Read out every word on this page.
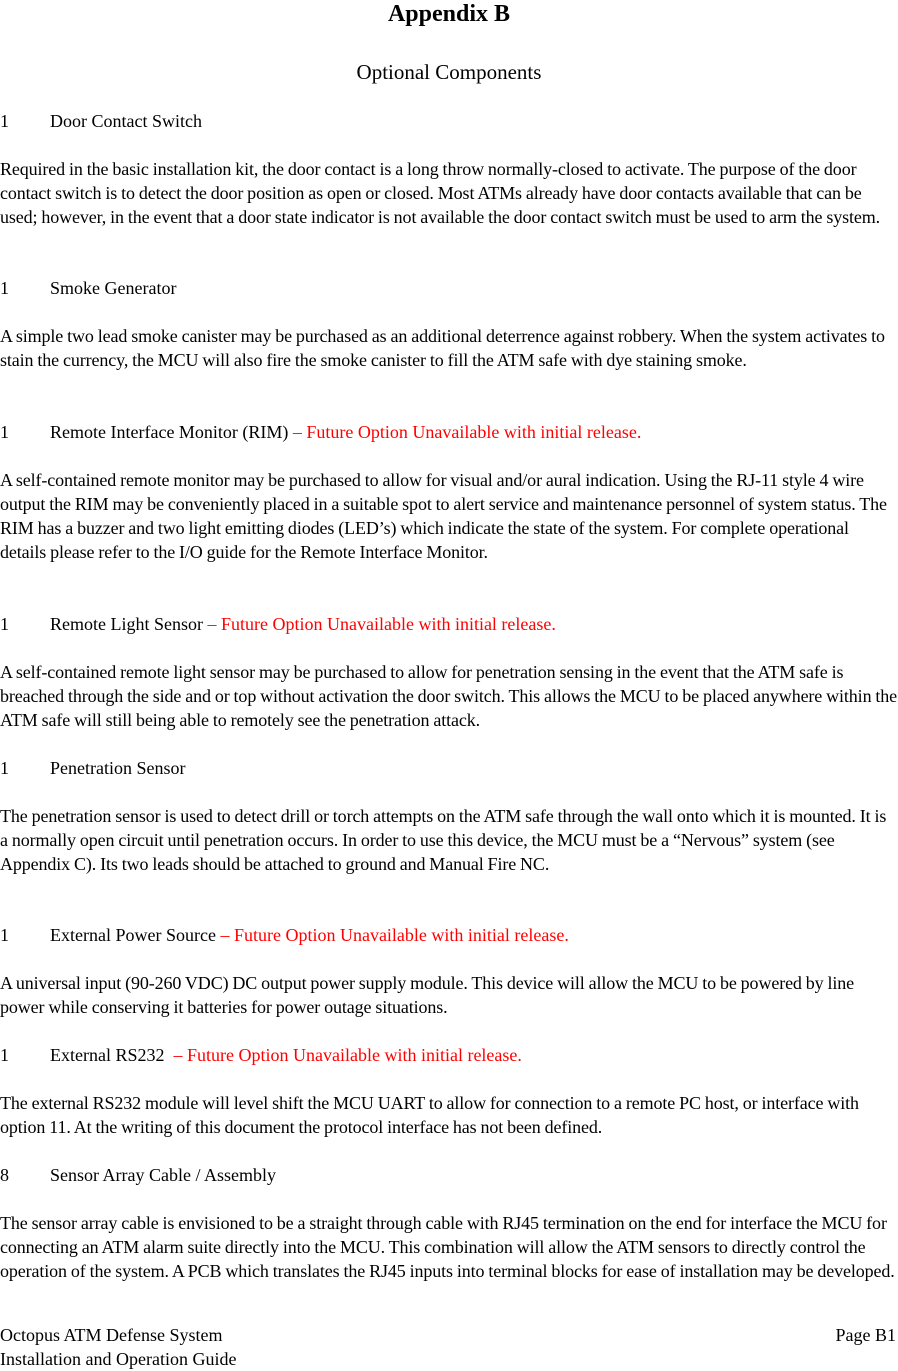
Appendix B
Optional Components
1 Door Contact Switch
Required in the basic installation kit, the door contact is a long throw normally-closed to activate. The purpose of the door contact switch is to detect the door position as open or closed. Most ATMs already have door contacts available that can be used; however, in the event that a door state indicator is not available the door contact switch must be used to arm the system.
1 Smoke Generator
A simple two lead smoke canister may be purchased as an additional deterrence against robbery. When the system activates to stain the currency, the MCU will also fire the smoke canister to fill the ATM safe with dye staining smoke.
1 Remote Interface Monitor (RIM) – Future Option Unavailable with initial release.
A self-contained remote monitor may be purchased to allow for visual and/or aural indication. Using the RJ-11 style 4 wire output the RIM may be conveniently placed in a suitable spot to alert service and maintenance personnel of system status. The RIM has a buzzer and two light emitting diodes (LED’s) which indicate the state of the system. For complete operational details please refer to the I/O guide for the Remote Interface Monitor.
1 Remote Light Sensor – Future Option Unavailable with initial release.
A self-contained remote light sensor may be purchased to allow for penetration sensing in the event that the ATM safe is breached through the side and or top without activation the door switch. This allows the MCU to be placed anywhere within the ATM safe will still being able to remotely see the penetration attack.
1 Penetration Sensor
The penetration sensor is used to detect drill or torch attempts on the ATM safe through the wall onto which it is mounted. It is a normally open circuit until penetration occurs. In order to use this device, the MCU must be a “Nervous” system (see Appendix C). Its two leads should be attached to ground and Manual Fire NC.
1 External Power Source – Future Option Unavailable with initial release.
A universal input (90-260 VDC) DC output power supply module. This device will allow the MCU to be powered by line power while conserving it batteries for power outage situations.
1 External RS232  – Future Option Unavailable with initial release.
The external RS232 module will level shift the MCU UART to allow for connection to a remote PC host, or interface with option 11. At the writing of this document the protocol interface has not been defined.
8 Sensor Array Cable / Assembly
The sensor array cable is envisioned to be a straight through cable with RJ45 termination on the end for interface the MCU for connecting an ATM alarm suite directly into the MCU. This combination will allow the ATM sensors to directly control the operation of the system. A PCB which translates the RJ45 inputs into terminal blocks for ease of installation may be developed.
Octopus ATM Defense System
Installation and Operation Guide
Page B1
